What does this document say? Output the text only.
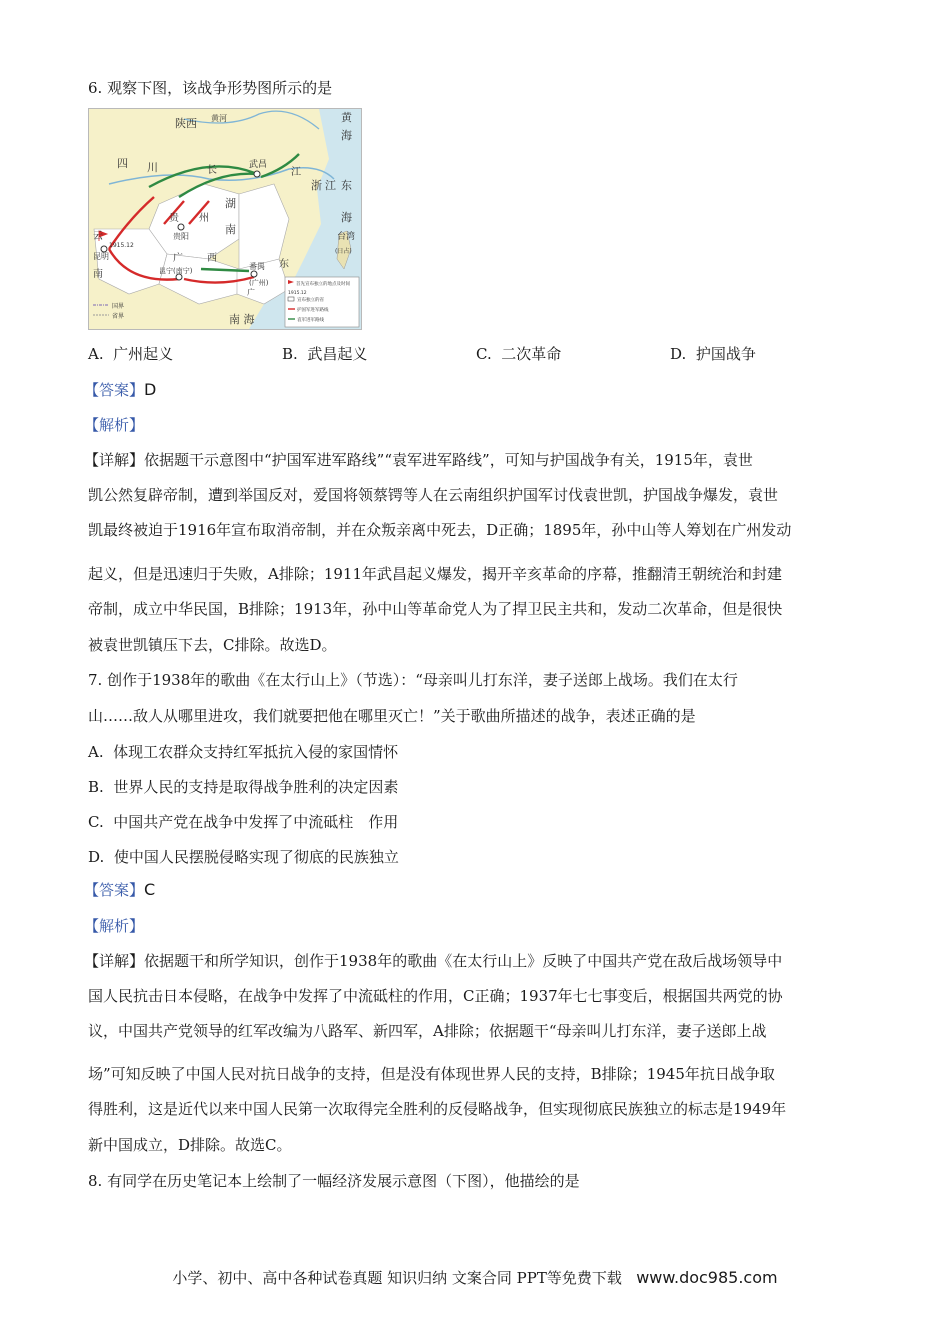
6. 观察下图，该战争形势图所示的是
陕西 黄河	黄
海
四 川	武昌
长	江
浙 江 东
海
湖
南
贵 州
贵阳
云
昆明
南
1915.12
广 西
邕宁(南宁)	番禺
(广州)
东
广
台湾
(日占)
南 海
国界
省界
首先宣布独立的地点及时间
1915.12
宣布独立的省
护国军进军路线
袁军进军路线
A. 广州起义	B. 武昌起义	C. 二次革命	D. 护国战争
【答案】D
【解析】
【详解】依据题干示意图中“护国军进军路线”“袁军进军路线”，可知与护国战争有关，1915年，袁世
凯公然复辟帝制，遭到举国反对，爱国将领蔡锷等人在云南组织护国军讨伐袁世凯，护国战争爆发，袁世
凯最终被迫于1916年宣布取消帝制，并在众叛亲离中死去，D正确；1895年，孙中山等人筹划在广州发动
起义，但是迅速归于失败，A排除；1911年武昌起义爆发，揭开辛亥革命的序幕，推翻清王朝统治和封建
帝制，成立中华民国，B排除；1913年，孙中山等革命党人为了捍卫民主共和，发动二次革命，但是很快
被袁世凯镇压下去，C排除。故选D。
7. 创作于1938年的歌曲《在太行山上》（节选）：“母亲叫儿打东洋，妻子送郎上战场。我们在太行
山……敌人从哪里进攻，我们就要把他在哪里灭亡！”关于歌曲所描述的战争，表述正确的是
A. 体现工农群众支持红军抵抗入侵的家国情怀
B. 世界人民的支持是取得战争胜利的决定因素
C. 中国共产党在战争中发挥了中流砥柱　作用
D. 使中国人民摆脱侵略实现了彻底的民族独立
【答案】C
【解析】
【详解】依据题干和所学知识，创作于1938年的歌曲《在太行山上》反映了中国共产党在敌后战场领导中
国人民抗击日本侵略，在战争中发挥了中流砥柱的作用，C正确；1937年七七事变后，根据国共两党的协
议，中国共产党领导的红军改编为八路军、新四军，A排除；依据题干“母亲叫儿打东洋，妻子送郎上战
场”可知反映了中国人民对抗日战争的支持，但是没有体现世界人民的支持，B排除；1945年抗日战争取
得胜利，这是近代以来中国人民第一次取得完全胜利的反侵略战争，但实现彻底民族独立的标志是1949年
新中国成立，D排除。故选C。
8. 有同学在历史笔记本上绘制了一幅经济发展示意图（下图），他描绘的是
小学、初中、高中各种试卷真题 知识归纳 文案合同 PPT等免费下载 www.doc985.com
